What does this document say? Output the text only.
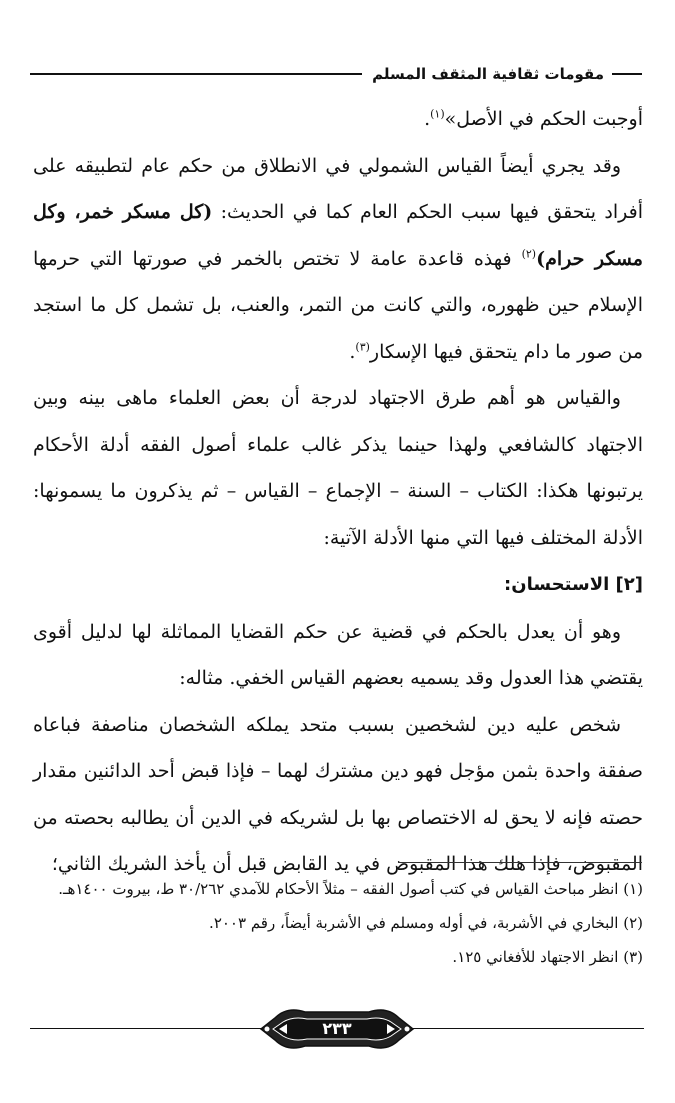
مقومات ثقافية المثقف المسلم

أوجبت الحكم في الأصل»$^{(١)}$.

وقد يجري أيضاً القياس الشمولي في الانطلاق من حكم عام لتطبيقه على أفراد يتحقق فيها سبب الحكم العام كما في الحديث: (كل مسكر خمر، وكل مسكر حرام)$^{(٢)}$ فهذه قاعدة عامة لا تختص بالخمر في صورتها التي حرمها الإسلام حين ظهوره، والتي كانت من التمر، والعنب، بل تشمل كل ما استجد من صور ما دام يتحقق فيها الإسكار$^{(٣)}$.

والقياس هو أهم طرق الاجتهاد لدرجة أن بعض العلماء ماهى بينه وبين الاجتهاد كالشافعي ولهذا حينما يذكر غالب علماء أصول الفقه أدلة الأحكام يرتبونها هكذا: الكتاب – السنة – الإجماع – القياس – ثم يذكرون ما يسمونها: الأدلة المختلف فيها التي منها الأدلة الآتية:

[٢] الاستحسان:

وهو أن يعدل بالحكم في قضية عن حكم القضايا المماثلة لها لدليل أقوى يقتضي هذا العدول وقد يسميه بعضهم القياس الخفي. مثاله:

شخص عليه دين لشخصين بسبب متحد يملكه الشخصان مناصفة فباعاه صفقة واحدة بثمن مؤجل فهو دين مشترك لهما – فإذا قبض أحد الدائنين مقدار حصته فإنه لا يحق له الاختصاص بها بل لشريكه في الدين أن يطالبه بحصته من المقبوض، فإذا هلك هذا المقبوض في يد القابض قبل أن يأخذ الشريك الثاني؛

(١) انظر مباحث القياس في كتب أصول الفقه – مثلاً الأحكام للآمدي ٣٠/٢٦٢ ط، بيروت ١٤٠٠هـ.

(٢) البخاري في الأشربة، في أوله ومسلم في الأشربة أيضاً، رقم ٢٠٠٣.

(٣) انظر الاجتهاد للأفغاني ١٢٥.

٢٣٣
